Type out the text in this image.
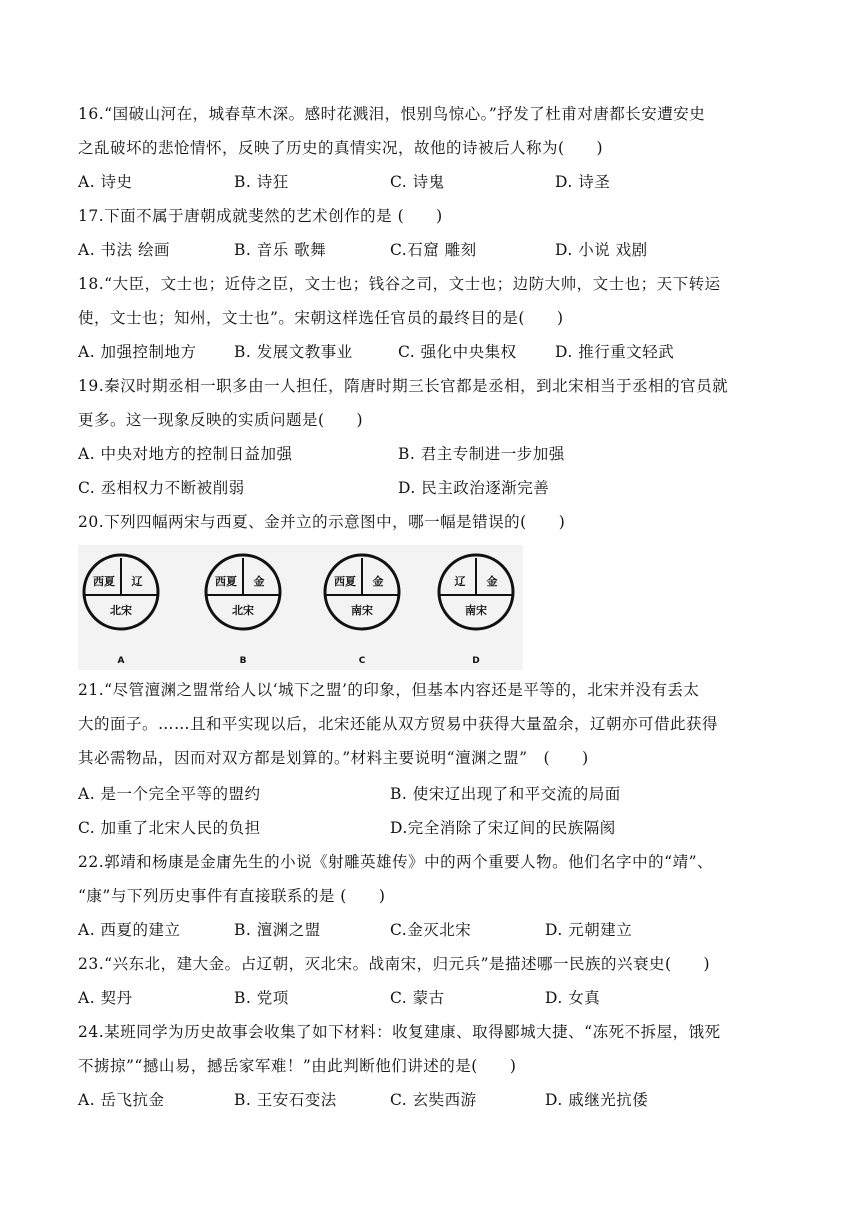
16.“国破山河在，城春草木深。感时花溅泪，恨别鸟惊心。”抒发了杜甫对唐都长安遭安史
之乱破坏的悲怆情怀，反映了历史的真情实况，故他的诗被后人称为(　　)
A. 诗史	B. 诗狂	C. 诗鬼	D. 诗圣
17.下面不属于唐朝成就斐然的艺术创作的是 (　　)
A. 书法 绘画	B. 音乐 歌舞	C.石窟 雕刻	D. 小说 戏剧
18.“大臣，文士也；近侍之臣，文士也；钱谷之司，文士也；边防大帅，文士也；天下转运
使，文士也；知州，文士也”。宋朝这样选任官员的最终目的是(　　)
A. 加强控制地方 B. 发展文教事业	C. 强化中央集权 D. 推行重文轻武
19.秦汉时期丞相一职多由一人担任，隋唐时期三长官都是丞相，到北宋相当于丞相的官员就
更多。这一现象反映的实质问题是(　　)
A. 中央对地方的控制日益加强	B. 君主专制进一步加强
C. 丞相权力不断被削弱	D. 民主政治逐渐完善
20.下列四幅两宋与西夏、金并立的示意图中，哪一幅是错误的(　　)
西夏 辽
北宋
A
西夏 金
北宋
B
西夏 金
南宋
C
辽 金
南宋
D
21.“尽管澶渊之盟常给人以‘城下之盟’的印象，但基本内容还是平等的，北宋并没有丢太
大的面子。……且和平实现以后，北宋还能从双方贸易中获得大量盈余，辽朝亦可借此获得
其必需物品，因而对双方都是划算的。”材料主要说明“澶渊之盟”　(　　)
A. 是一个完全平等的盟约	B. 使宋辽出现了和平交流的局面
C. 加重了北宋人民的负担	D.完全消除了宋辽间的民族隔阂
22.郭靖和杨康是金庸先生的小说《射雕英雄传》中的两个重要人物。他们名字中的“靖”、
“康”与下列历史事件有直接联系的是 (　　)
A. 西夏的建立	B. 澶渊之盟	C.金灭北宋	D. 元朝建立
23.“兴东北，建大金。占辽朝，灭北宋。战南宋，归元兵”是描述哪一民族的兴衰史(　　)
A. 契丹	B. 党项	C. 蒙古	D. 女真
24.某班同学为历史故事会收集了如下材料：收复建康、取得郾城大捷、“冻死不拆屋，饿死
不掳掠”“撼山易，撼岳家军难！”由此判断他们讲述的是(　　)
A. 岳飞抗金	B. 王安石变法	C. 玄奘西游	D. 戚继光抗倭
